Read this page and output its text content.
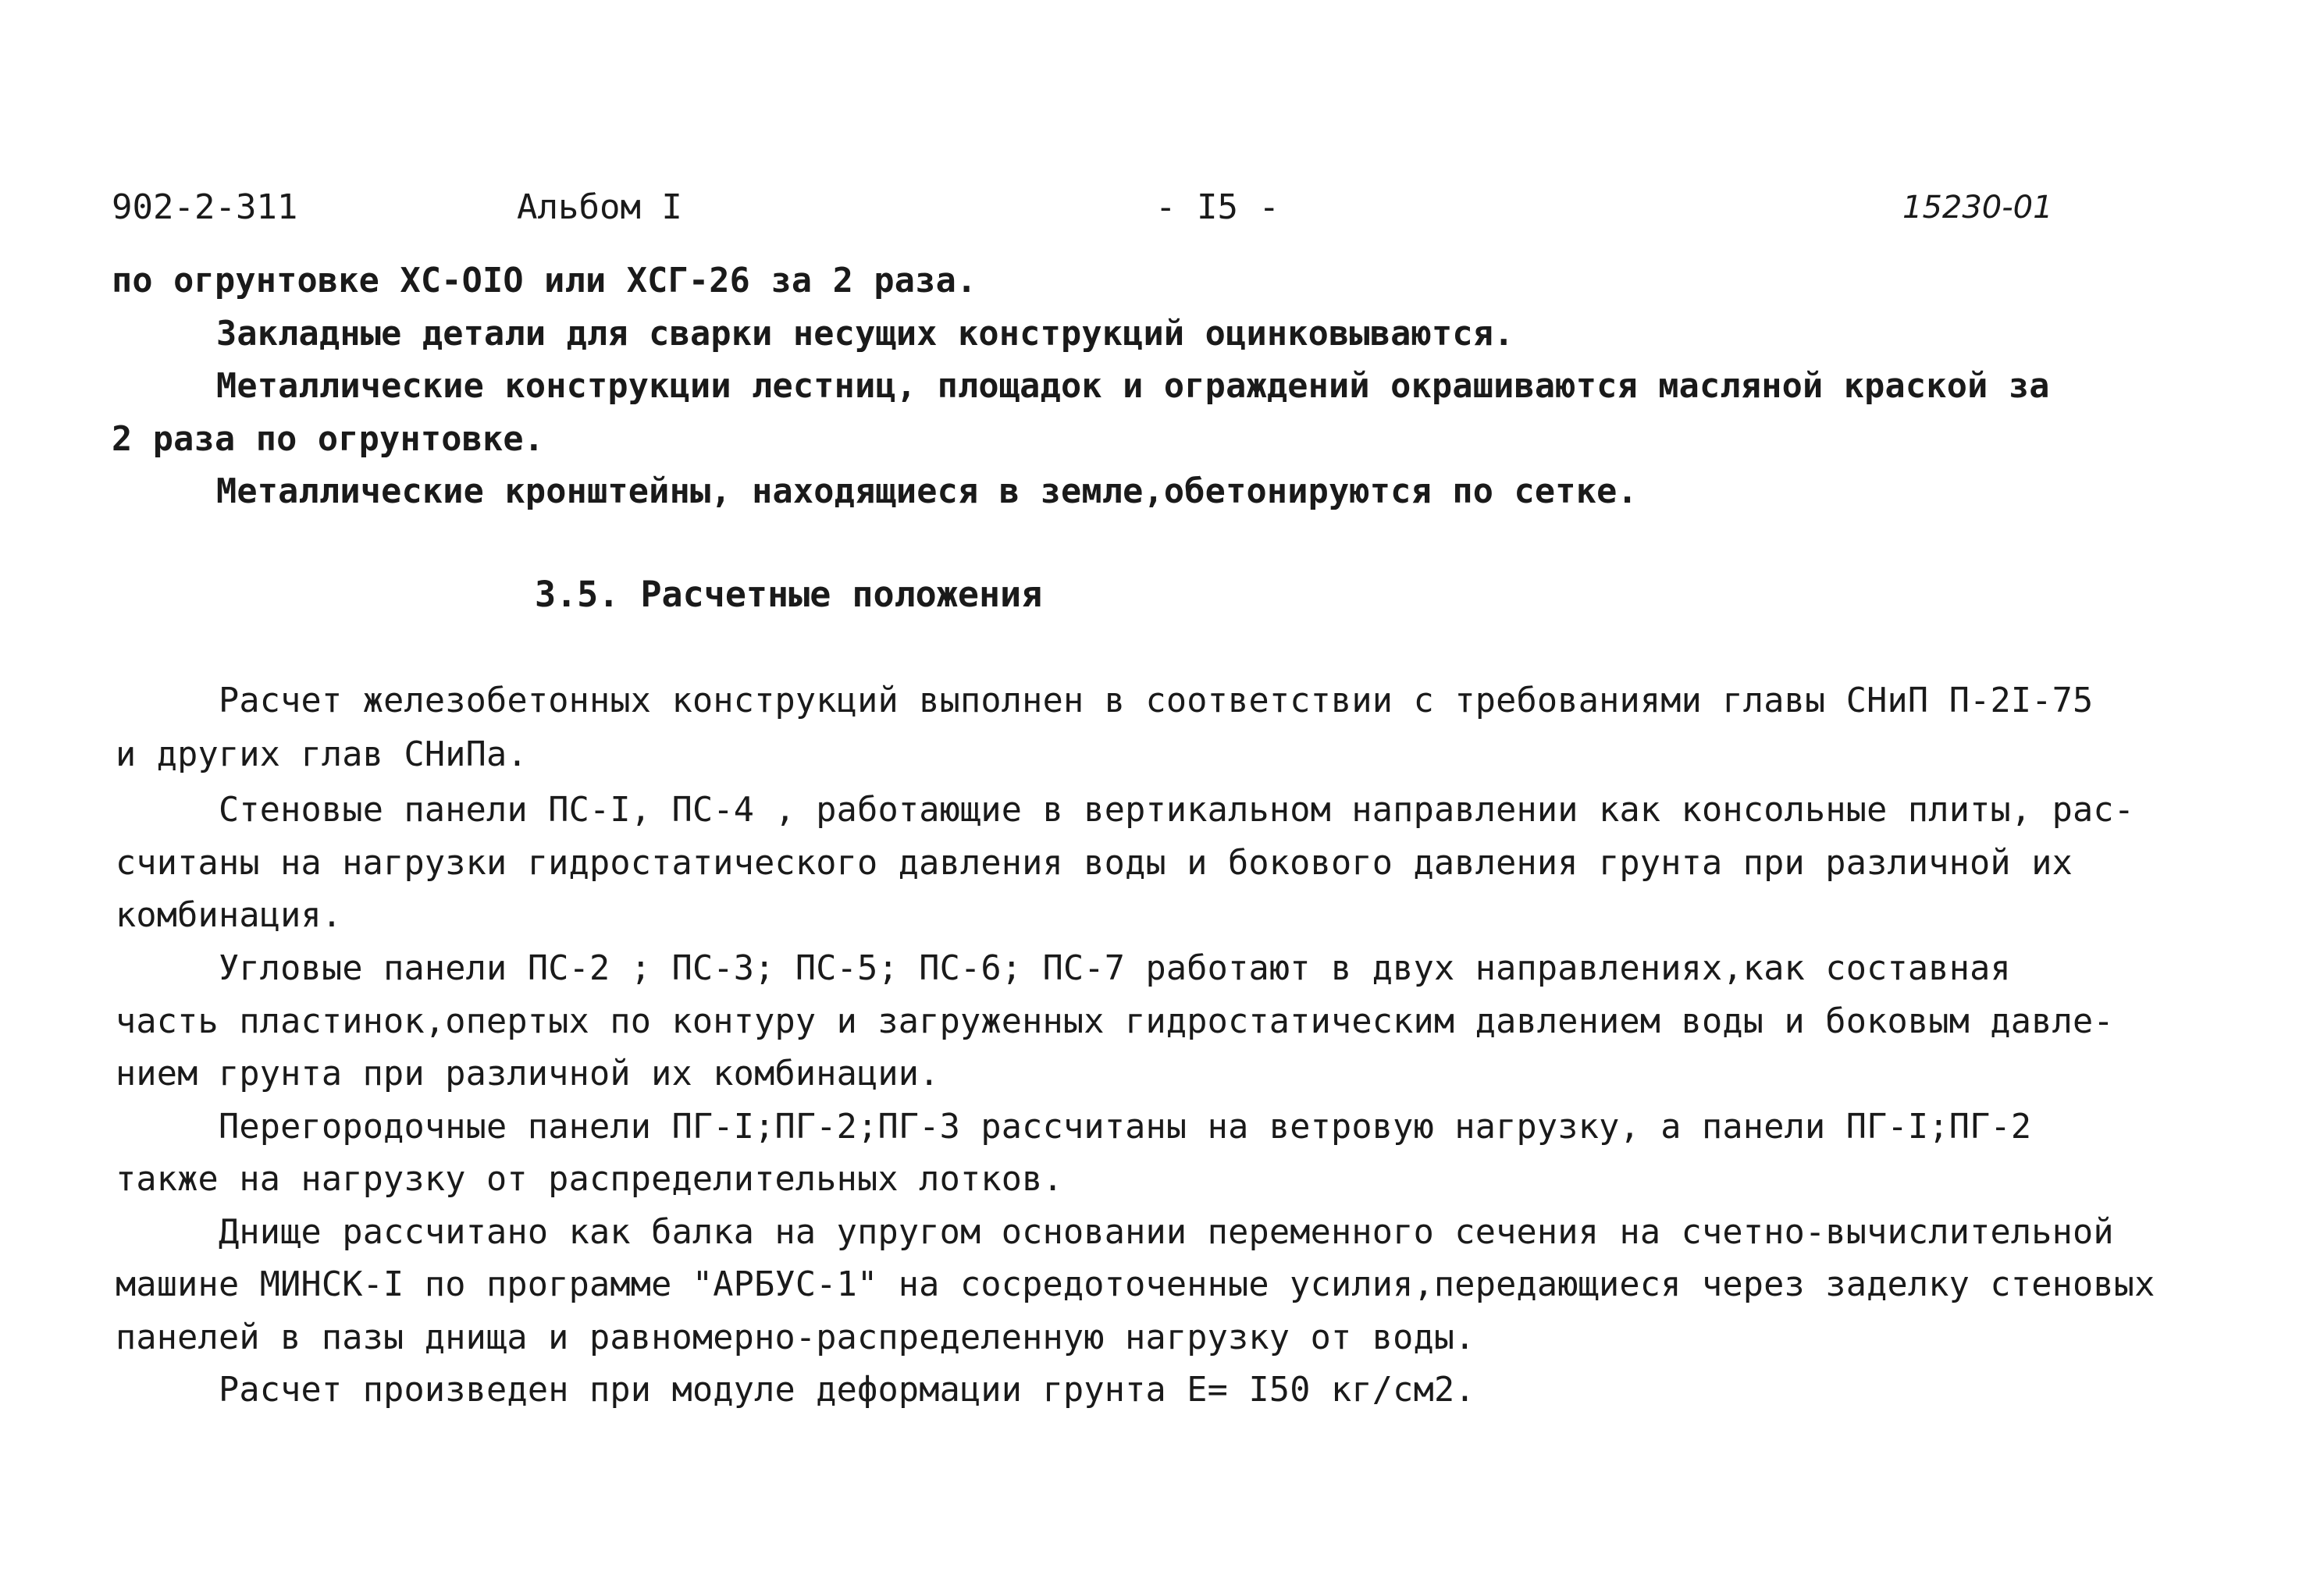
902-2-311	Альбом I	- I5 -	15230-01
по огрунтовке ХС-ОIО или ХСГ-26 за 2 раза.
Закладные детали для сварки несущих конструкций оцинковываются.
Металлические конструкции лестниц, площадок и ограждений окрашиваются масляной краской за
2 раза по огрунтовке.
Металлические кронштейны, находящиеся в земле,обетонируются по сетке.
3.5. Расчетные положения
Расчет железобетонных конструкций выполнен в соответствии с требованиями главы СНиП П-2I-75
и других глав СНиПа.
Стеновые панели ПС-I, ПС-4 , работающие в вертикальном направлении как консольные плиты, рас-
считаны на нагрузки гидростатического давления воды и бокового давления грунта при различной их
комбинация.
Угловые панели ПС-2 ; ПС-3; ПС-5; ПС-6; ПС-7 работают в двух направлениях,как составная
часть пластинок,опертых по контуру и загруженных гидростатическим давлением воды и боковым давле-
нием грунта при различной их комбинации.
Перегородочные панели ПГ-I;ПГ-2;ПГ-3 рассчитаны на ветровую нагрузку, а панели ПГ-I;ПГ-2
также на нагрузку от распределительных лотков.
Днище рассчитано как балка на упругом основании переменного сечения на счетно-вычислительной
машине МИНСК-I по программе "АРБУС-1" на сосредоточенные усилия,передающиеся через заделку стеновых
панелей в пазы днища и равномерно-распределенную нагрузку от воды.
Расчет произведен при модуле деформации грунта Е= I50 кг/см2.
